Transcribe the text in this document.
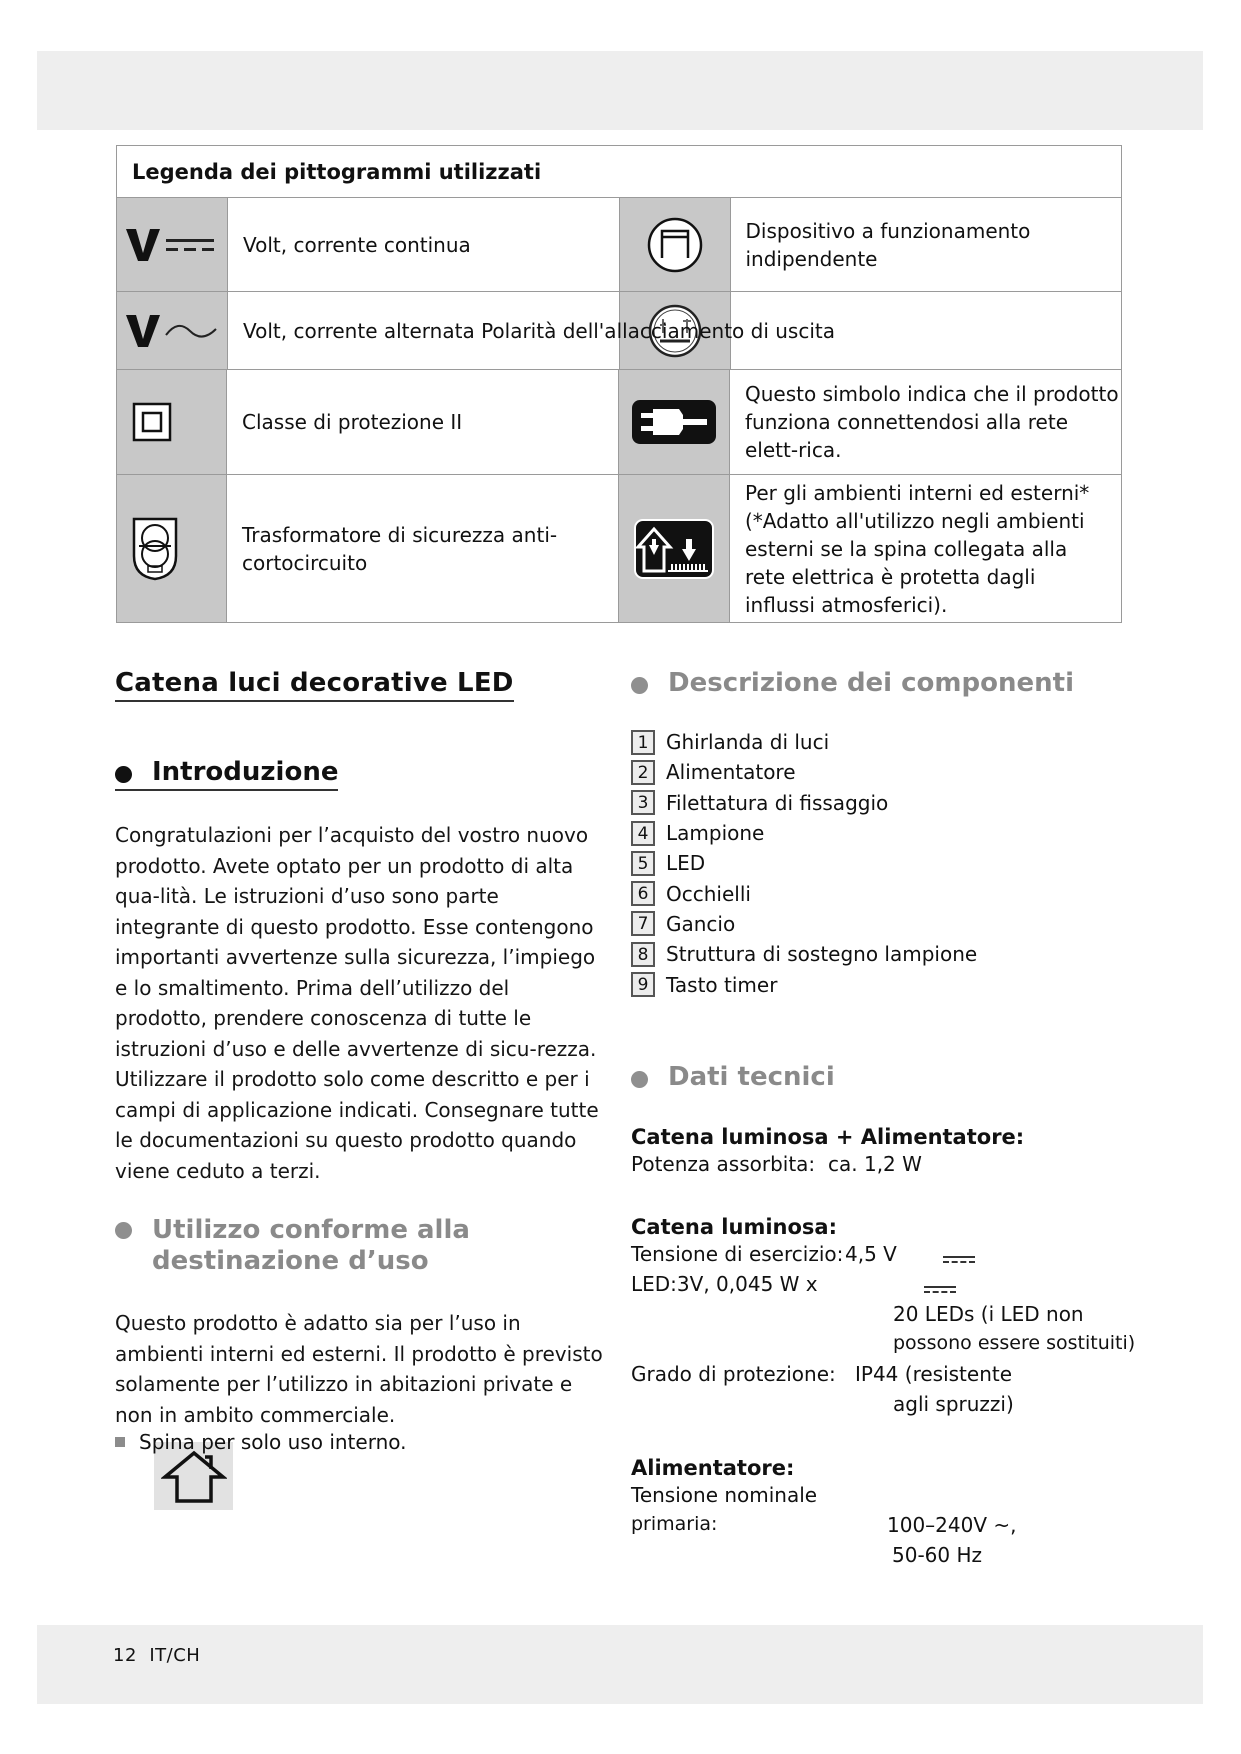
Legenda dei pittogrammi utilizzati
Volt, corrente continua
Dispositivo a funzionamento indipendente
Volt, corrente alternata Polarità dell'allacciamento di uscita
Classe di protezione II
Questo simbolo indica che il prodotto funziona connettendosi alla rete elett-rica.
Trasformatore di sicurezza anti-cortocircuito
Per gli ambienti interni ed esterni* (*Adatto all'utilizzo negli ambienti esterni se la spina collegata alla rete elettrica è protetta dagli influssi atmosferici).
Catena luci decorative LED
Introduzione
Congratulazioni per l’acquisto del vostro nuovo prodotto. Avete optato per un prodotto di alta qua-lità. Le istruzioni d’uso sono parte integrante di questo prodotto. Esse contengono importanti avvertenze sulla sicurezza, l’impiego e lo smaltimento. Prima dell’utilizzo del prodotto, prendere conoscenza di tutte le istruzioni d’uso e delle avvertenze di sicu-rezza. Utilizzare il prodotto solo come descritto e per i campi di applicazione indicati. Consegnare tutte le documentazioni su questo prodotto quando viene ceduto a terzi.
Utilizzo conforme alla
destinazione d’uso
Questo prodotto è adatto sia per l’uso in ambienti interni ed esterni. Il prodotto è previsto solamente per l’utilizzo in abitazioni private e non in ambito commerciale.
Spina per solo uso interno.
Descrizione dei componenti
1 Ghirlanda di luci
2 Alimentatore
3 Filettatura di fissaggio
4 Lampione
5 LED
6 Occhielli
7 Gancio
8 Struttura di sostegno lampione
9 Tasto timer
Dati tecnici
Catena luminosa + Alimentatore:
Potenza assorbita: ca. 1,2 W
Catena luminosa:
Tensione di esercizio: 4,5 V
LED:3V, 0,045 W x
20 LEDs (i LED non
possono essere sostituiti)
Grado di protezione: IP44 (resistente
agli spruzzi)
Alimentatore:
Tensione nominale
primaria:	100–240V ~,
50-60 Hz
12 IT/CH
